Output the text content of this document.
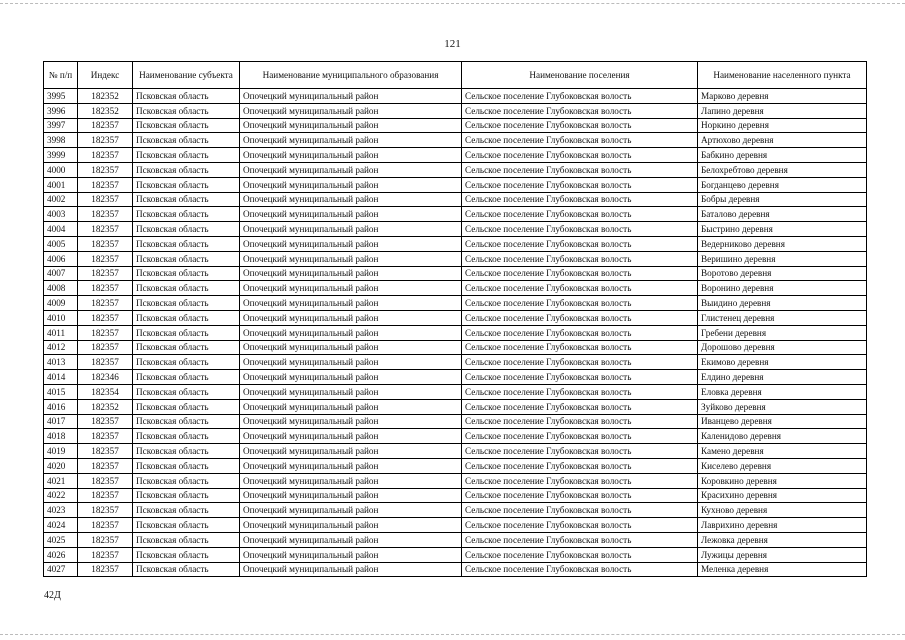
121
№ п/п	Индекс	Наименование субъекта	Наименование муниципального образования	Наименование поселения	Наименование населенного пункта
3995	182352	Псковская область	Опочецкий муниципальный район	Сельское поселение Глубоковская волость	Марково деревня
3996	182352	Псковская область	Опочецкий муниципальный район	Сельское поселение Глубоковская волость	Лапино деревня
3997	182357	Псковская область	Опочецкий муниципальный район	Сельское поселение Глубоковская волость	Норкино деревня
3998	182357	Псковская область	Опочецкий муниципальный район	Сельское поселение Глубоковская волость	Артюхово деревня
3999	182357	Псковская область	Опочецкий муниципальный район	Сельское поселение Глубоковская волость	Бабкино деревня
4000	182357	Псковская область	Опочецкий муниципальный район	Сельское поселение Глубоковская волость	Белохребтово деревня
4001	182357	Псковская область	Опочецкий муниципальный район	Сельское поселение Глубоковская волость	Богданцево деревня
4002	182357	Псковская область	Опочецкий муниципальный район	Сельское поселение Глубоковская волость	Бобры деревня
4003	182357	Псковская область	Опочецкий муниципальный район	Сельское поселение Глубоковская волость	Баталово деревня
4004	182357	Псковская область	Опочецкий муниципальный район	Сельское поселение Глубоковская волость	Быстрино деревня
4005	182357	Псковская область	Опочецкий муниципальный район	Сельское поселение Глубоковская волость	Ведерниково деревня
4006	182357	Псковская область	Опочецкий муниципальный район	Сельское поселение Глубоковская волость	Веришино деревня
4007	182357	Псковская область	Опочецкий муниципальный район	Сельское поселение Глубоковская волость	Воротово деревня
4008	182357	Псковская область	Опочецкий муниципальный район	Сельское поселение Глубоковская волость	Воронино деревня
4009	182357	Псковская область	Опочецкий муниципальный район	Сельское поселение Глубоковская волость	Выидино деревня
4010	182357	Псковская область	Опочецкий муниципальный район	Сельское поселение Глубоковская волость	Глистенец деревня
4011	182357	Псковская область	Опочецкий муниципальный район	Сельское поселение Глубоковская волость	Гребени деревня
4012	182357	Псковская область	Опочецкий муниципальный район	Сельское поселение Глубоковская волость	Дорошово деревня
4013	182357	Псковская область	Опочецкий муниципальный район	Сельское поселение Глубоковская волость	Екимово деревня
4014	182346	Псковская область	Опочецкий муниципальный район	Сельское поселение Глубоковская волость	Елдино деревня
4015	182354	Псковская область	Опочецкий муниципальный район	Сельское поселение Глубоковская волость	Еловка деревня
4016	182352	Псковская область	Опочецкий муниципальный район	Сельское поселение Глубоковская волость	Зуйково деревня
4017	182357	Псковская область	Опочецкий муниципальный район	Сельское поселение Глубоковская волость	Иванцево деревня
4018	182357	Псковская область	Опочецкий муниципальный район	Сельское поселение Глубоковская волость	Каленидово деревня
4019	182357	Псковская область	Опочецкий муниципальный район	Сельское поселение Глубоковская волость	Камено деревня
4020	182357	Псковская область	Опочецкий муниципальный район	Сельское поселение Глубоковская волость	Киселево деревня
4021	182357	Псковская область	Опочецкий муниципальный район	Сельское поселение Глубоковская волость	Коровкино деревня
4022	182357	Псковская область	Опочецкий муниципальный район	Сельское поселение Глубоковская волость	Красихино деревня
4023	182357	Псковская область	Опочецкий муниципальный район	Сельское поселение Глубоковская волость	Кухново деревня
4024	182357	Псковская область	Опочецкий муниципальный район	Сельское поселение Глубоковская волость	Лаврихино деревня
4025	182357	Псковская область	Опочецкий муниципальный район	Сельское поселение Глубоковская волость	Лежовка деревня
4026	182357	Псковская область	Опочецкий муниципальный район	Сельское поселение Глубоковская волость	Лужицы деревня
4027	182357	Псковская область	Опочецкий муниципальный район	Сельское поселение Глубоковская волость	Меленка деревня
42Д
